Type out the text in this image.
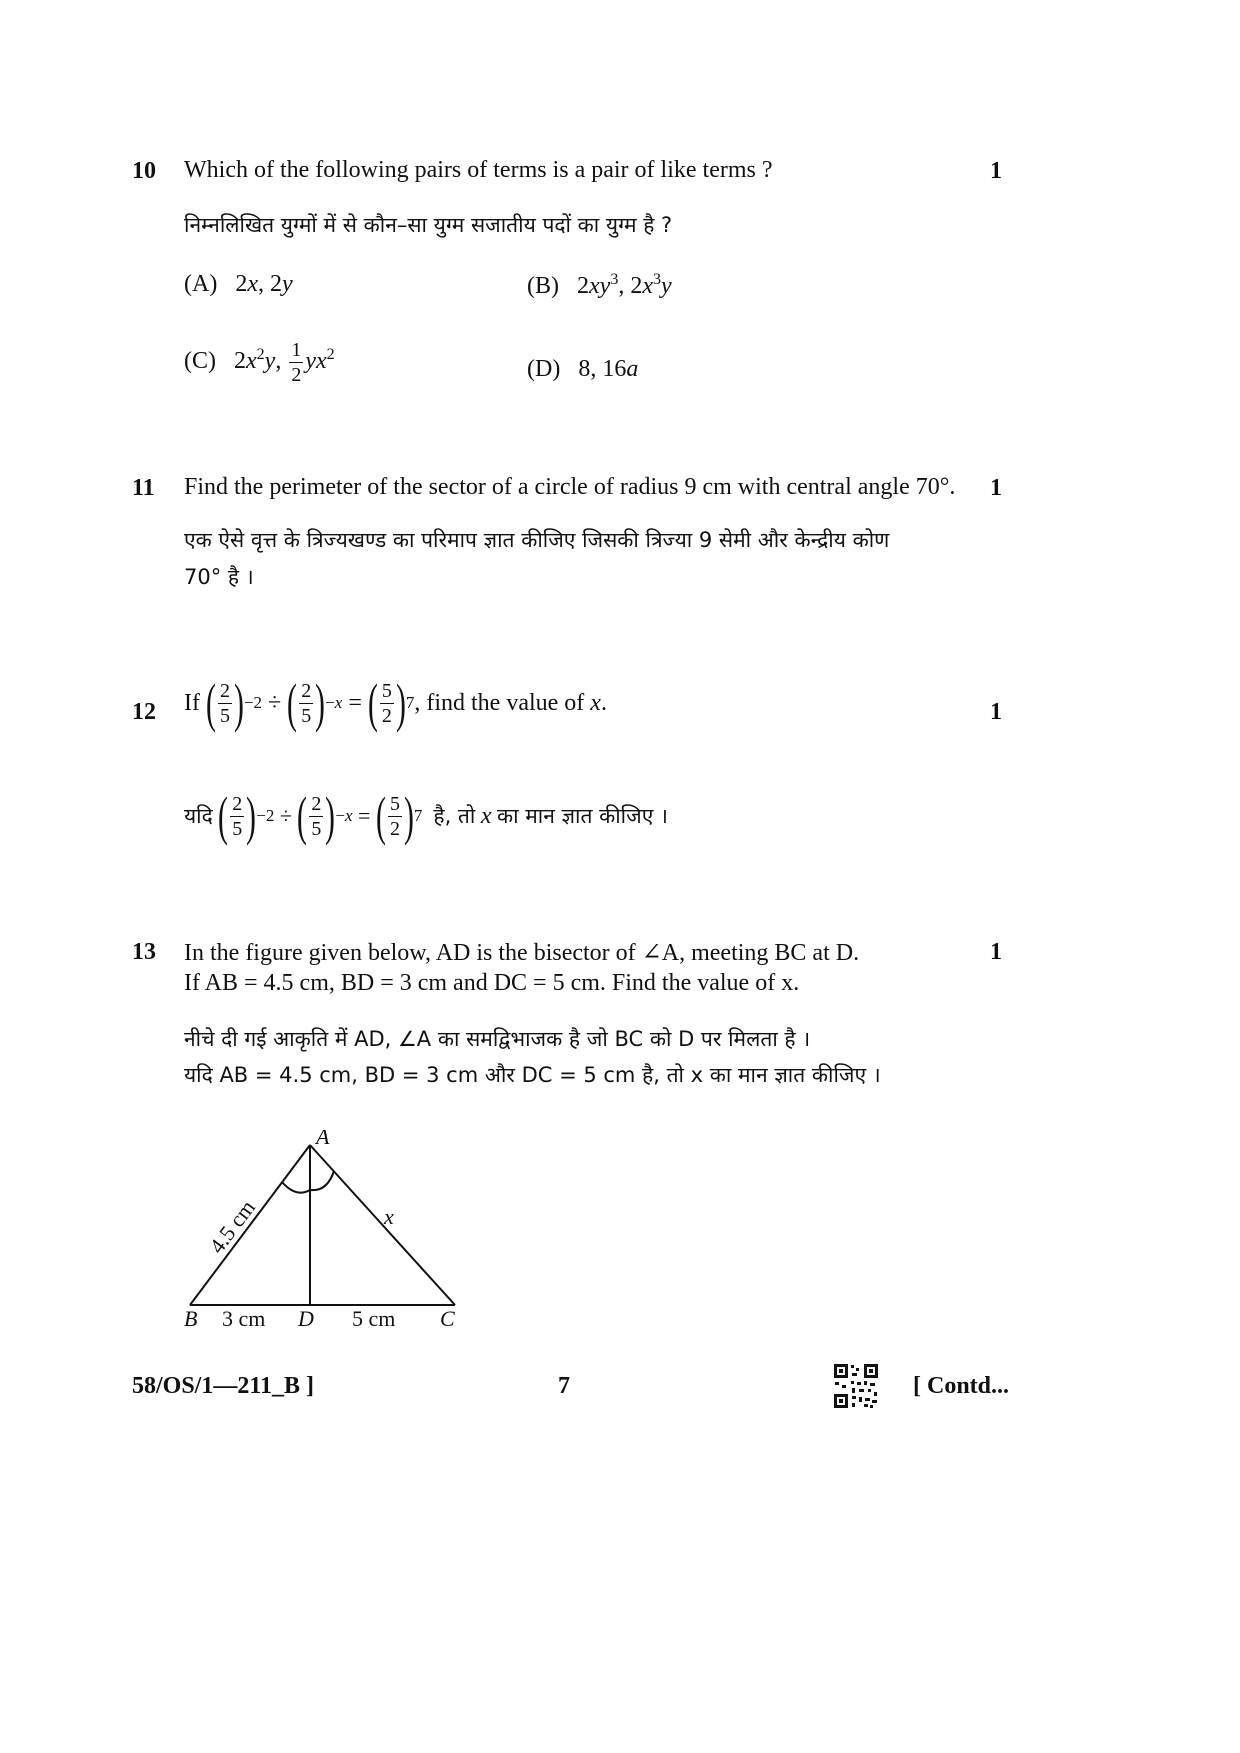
10 Which of the following pairs of terms is a pair of like terms ?	1
निम्नलिखित युग्मों में से कौन–सा युग्म सजातीय पदों का युग्म है ?
(A)   2x, 2y	(B)   $2xy^3$, $2x^3y$
(C)   $2x^2y$, $\frac{1}{2} yx^2$
(D)   8, 16a
11 Find the perimeter of the sector of a circle of radius 9 cm with central angle 70°. 1
एक ऐसे वृत्त के त्रिज्यखण्ड का परिमाप ज्ञात कीजिए जिसकी त्रिज्या 9 सेमी और केन्द्रीय कोण
70° है ।
12	1
If
( $\frac{2}{5}$ ) −2 ÷ ( $\frac{2}{5}$ ) −x = ( $\frac{5}{2}$ ) 7 , find the value of
x .
यदि
( $\frac{2}{5}$ ) −2 ÷ ( $\frac{2}{5}$ ) −x = ( $\frac{5}{2}$ ) 7
है, तो
x
का मान ज्ञात कीजिए ।
13 In the figure given below, AD is the bisector of ∠A, meeting BC at D.	1
If AB = 4.5 cm, BD = 3 cm and DC = 5 cm. Find the value of x.
नीचे दी गई आकृति में AD, ∠A का समद्विभाजक है जो BC को D पर मिलता है ।
यदि AB = 4.5 cm, BD = 3 cm और DC = 5 cm है, तो x का मान ज्ञात कीजिए ।
A
B	C
D
3 cm	5 cm
x
4.5 cm
58/OS/1—211_B ]	7	[ Contd...
